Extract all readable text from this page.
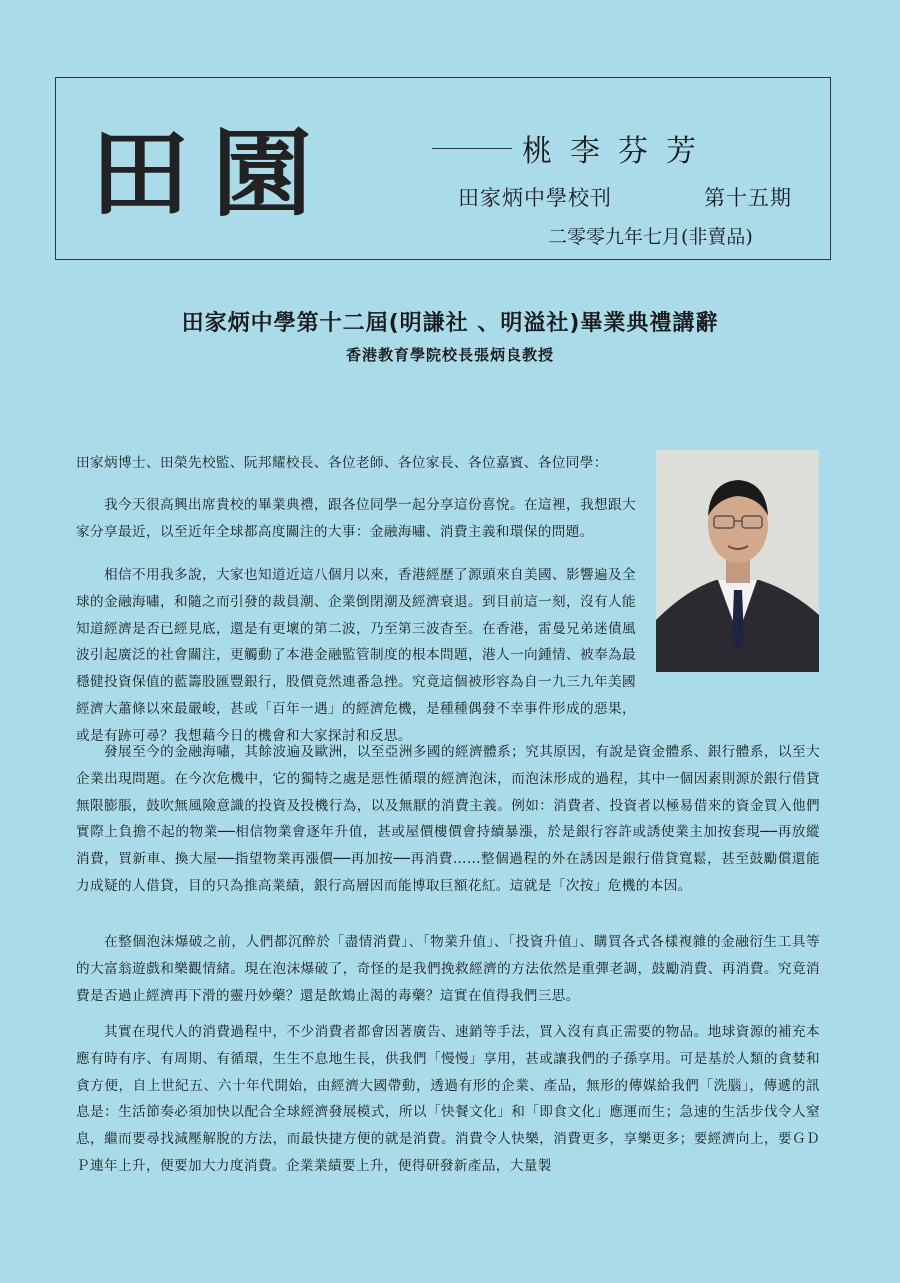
田園	桃李芬芳
田家炳中學校刊	第十五期
二零零九年七月(非賣品)
田家炳中學第十二屆(明謙社 、明溢社)畢業典禮講辭
香港教育學院校長張炳良教授

田家炳博士、田榮先校監、阮邦耀校長、各位老師、各位家長、各位嘉賓、各位同學：

我今天很高興出席貴校的畢業典禮，跟各位同學一起分享這份喜悅。在這裡，我想跟大家分享最近，以至近年全球都高度關注的大事：金融海嘯、消費主義和環保的問題。

相信不用我多說，大家也知道近這八個月以來，香港經歷了源頭來自美國、影響遍及全球的金融海嘯，和隨之而引發的裁員潮、企業倒閉潮及經濟衰退。到目前這一刻，沒有人能知道經濟是否已經見底，還是有更壞的第二波，乃至第三波杳至。在香港，雷曼兄弟迷債風波引起廣泛的社會關注，更觸動了本港金融監管制度的根本問題，港人一向鍾情、被奉為最穩健投資保值的藍籌股匯豐銀行，股價竟然連番急挫。究竟這個被形容為自一九三九年美國經濟大蕭條以來最嚴峻，甚或「百年一遇」的經濟危機，是種種偶發不幸事件形成的惡果，或是有跡可尋？我想藉今日的機會和大家探討和反思。

發展至今的金融海嘯，其餘波遍及歐洲，以至亞洲多國的經濟體系；究其原因，有說是資金體系、銀行體系，以至大企業出現問題。在今次危機中，它的獨特之處是惡性循環的經濟泡沫，而泡沫形成的過程，其中一個因素則源於銀行借貸無限膨脹，鼓吹無風險意識的投資及投機行為，以及無厭的消費主義。例如：消費者、投資者以極易借來的資金買入他們實際上負擔不起的物業──相信物業會逐年升值，甚或屋價樓價會持續暴漲，於是銀行容許或誘使業主加按套現──再放縱消費，買新車、換大屋──指望物業再漲價──再加按──再消費……整個過程的外在誘因是銀行借貸寬鬆，甚至鼓勵償還能力成疑的人借貸，目的只為推高業績，銀行高層因而能博取巨額花紅。這就是「次按」危機的本因。

在整個泡沫爆破之前，人們都沉醉於「盡情消費」、「物業升值」、「投資升值」、購買各式各樣複雜的金融衍生工具等的大富翁遊戲和樂觀情緒。現在泡沫爆破了，奇怪的是我們挽救經濟的方法依然是重彈老調，鼓勵消費、再消費。究竟消費是否過止經濟再下滑的靈丹妙藥？還是飲鴆止渴的毒藥？這實在值得我們三思。

其實在現代人的消費過程中，不少消費者都會因著廣告、速銷等手法，買入沒有真正需要的物品。地球資源的補充本應有時有序、有周期、有循環，生生不息地生長，供我們「慢慢」享用，甚或讓我們的子孫享用。可是基於人類的貪婪和貪方便，自上世紀五、六十年代開始，由經濟大國帶動，透過有形的企業、產品，無形的傳媒給我們「洗腦」，傳遞的訊息是：生活節奏必須加快以配合全球經濟發展模式，所以「快餐文化」和「即食文化」應運而生；急速的生活步伐令人窒息，繼而要尋找減壓解脫的方法，而最快捷方便的就是消費。消費令人快樂，消費更多，享樂更多；要經濟向上，要ＧＤＰ連年上升，便要加大力度消費。企業業績要上升，便得研發新產品，大量製
